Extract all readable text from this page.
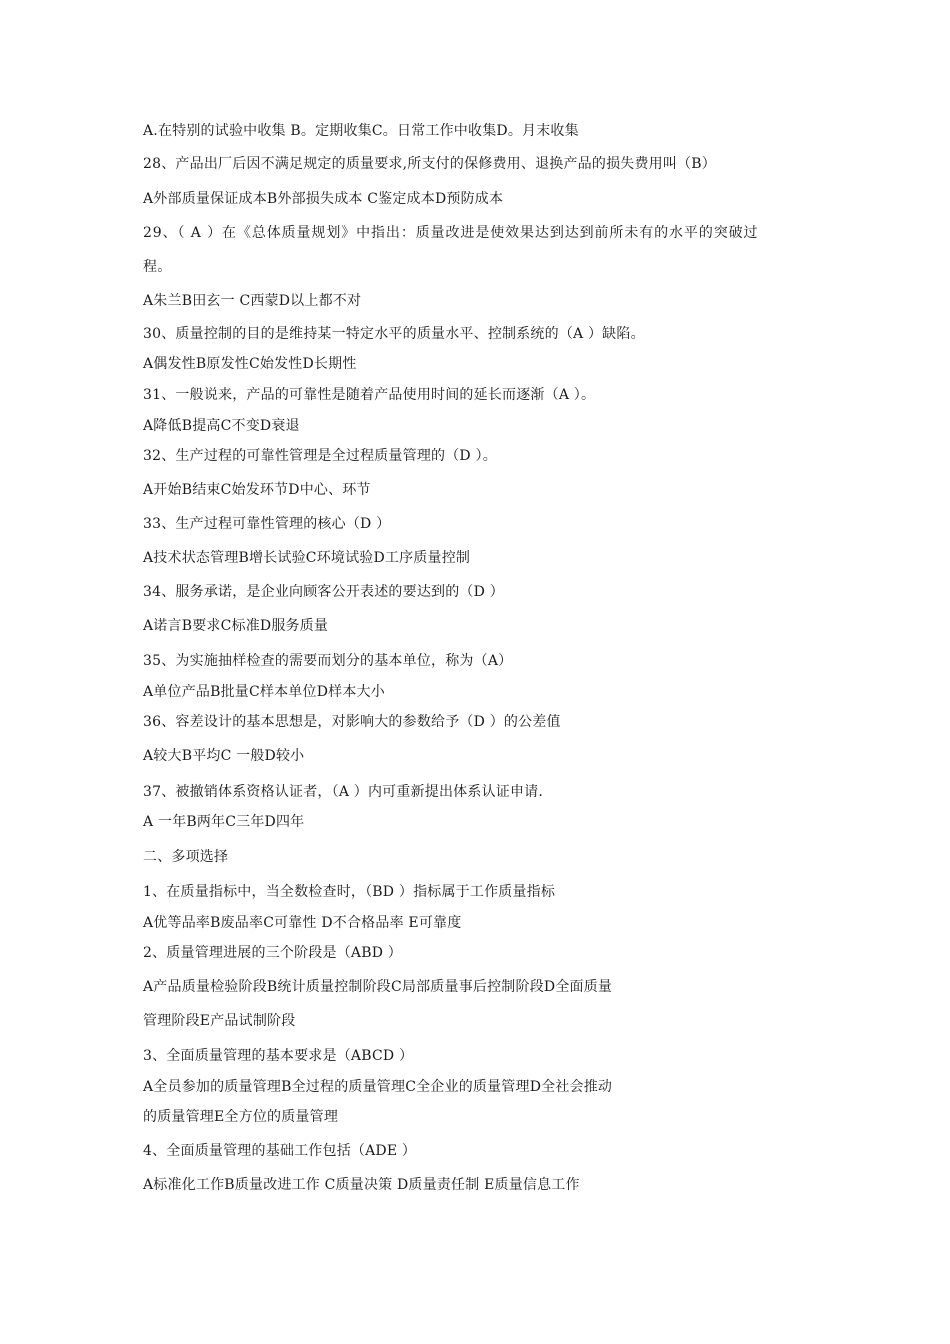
A.在特别的试验中收集 B。定期收集C。日常工作中收集D。月末收集
28、产品出厂后因不满足规定的质量要求,所支付的保修费用、退换产品的损失费用叫（B）
A外部质量保证成本B外部损失成本 C鉴定成本D预防成本
29、（ A ）在《总体质量规划》中指出：质量改进是使效果达到达到前所未有的水平的突破过
程。
A朱兰B田玄一 C西蒙D以上都不对
30、质量控制的目的是维持某一特定水平的质量水平、控制系统的（A ）缺陷。
A偶发性B原发性C始发性D长期性
31、一般说来，产品的可靠性是随着产品使用时间的延长而逐渐（A ）。
A降低B提高C不变D衰退
32、生产过程的可靠性管理是全过程质量管理的（D ）。
A开始B结束C始发环节D中心、环节
33、生产过程可靠性管理的核心（D ）
A技术状态管理B增长试验C环境试验D工序质量控制
34、服务承诺，是企业向顾客公开表述的要达到的（D ）
A诺言B要求C标准D服务质量
35、为实施抽样检查的需要而划分的基本单位，称为（A）
A单位产品B批量C样本单位D样本大小
36、容差设计的基本思想是，对影响大的参数给予（D ）的公差值
A较大B平均C 一般D较小
37、被撤销体系资格认证者，（A ）内可重新提出体系认证申请.
A 一年B两年C三年D四年
二、多项选择
1、在质量指标中，当全数检查时，（BD ）指标属于工作质量指标
A优等品率B废品率C可靠性 D不合格品率 E可靠度
2、质量管理进展的三个阶段是（ABD ）
A产品质量检验阶段B统计质量控制阶段C局部质量事后控制阶段D全面质量
管理阶段E产品试制阶段
3、全面质量管理的基本要求是（ABCD ）
A全员参加的质量管理B全过程的质量管理C全企业的质量管理D全社会推动
的质量管理E全方位的质量管理
4、全面质量管理的基础工作包括（ADE ）
A标准化工作B质量改进工作 C质量决策 D质量责任制 E质量信息工作
